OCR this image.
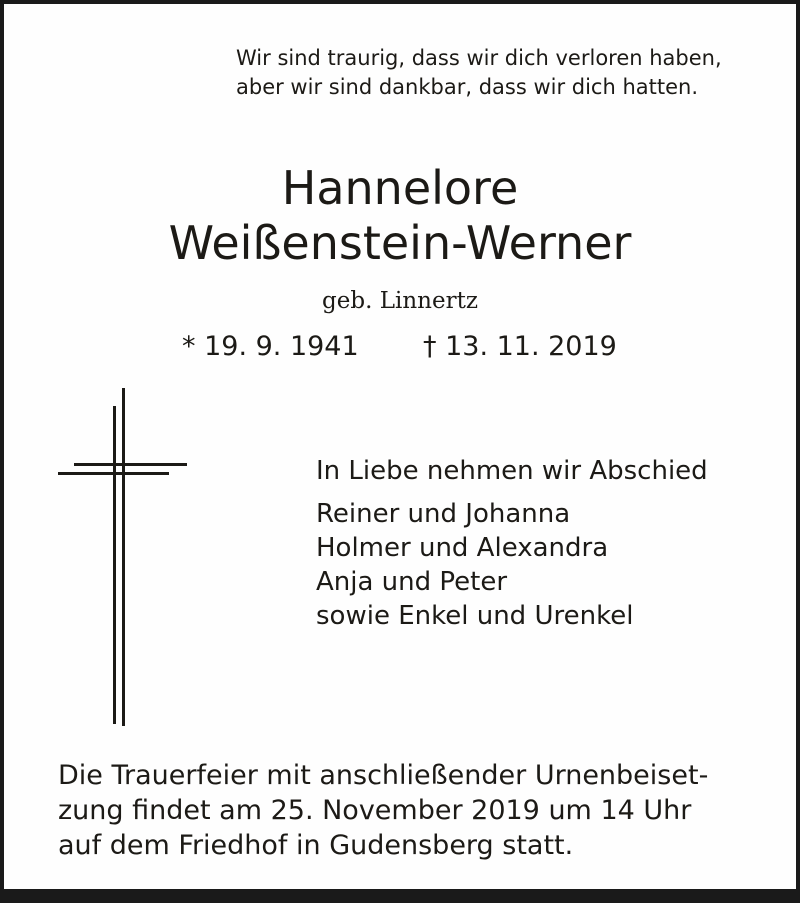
Wir sind traurig, dass wir dich verloren haben,
aber wir sind dankbar, dass wir dich hatten.
Hannelore
Weißenstein-Werner
geb. Linnertz
* 19. 9. 1941 † 13. 11. 2019
In Liebe nehmen wir Abschied
Reiner und Johanna
Holmer und Alexandra
Anja und Peter
sowie Enkel und Urenkel
Die Trauerfeier mit anschließender Urnenbeiset-
zung findet am 25. November 2019 um 14 Uhr
auf dem Friedhof in Gudensberg statt.
